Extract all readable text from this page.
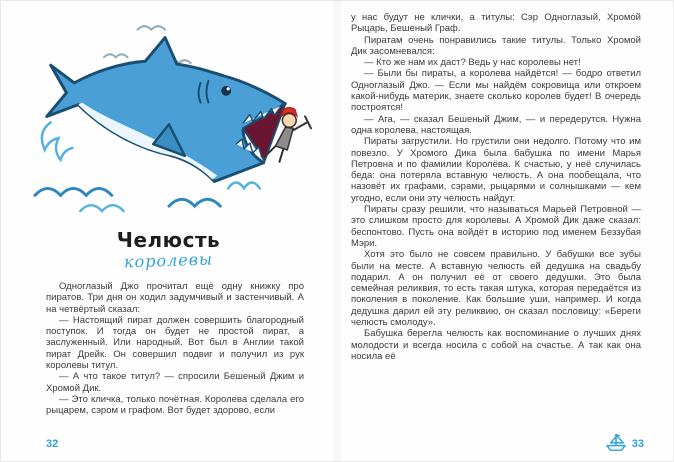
Челюсть
королевы

Одноглазый Джо прочитал ещё одну книжку про пиратов. Три дня он ходил задумчивый и застенчивый. А на четвёртый сказал:

— Настоящий пират должен совершить благородный поступок. И тогда он будет не простой пират, а заслуженный. Или народный. Вот был в Англии такой пират Дрейк. Он совершил подвиг и получил из рук королевы титул.

— А что такое титул? — спросили Бешеный Джим и Хромой Дик.

— Это кличка, только почётная. Королева сделала его рыцарем, сэром и графом. Вот будет здорово, если

32

у нас будут не клички, а титулы: Сэр Одноглазый, Хромой Рыцарь, Бешеный Граф.

Пиратам очень понравились такие титулы. Только Хромой Дик засомневался:

— Кто же нам их даст? Ведь у нас королевы нет!

— Были бы пираты, а королева найдётся! — бодро ответил Одноглазый Джо. — Если мы найдём сокровища или откроем какой-нибудь материк, знаете сколько королев будет! В очередь построятся!

— Ага, — сказал Бешеный Джим, — и передерутся. Нужна одна королева, настоящая.

Пираты загрустили. Но грустили они недолго. Потому что им повезло. У Хромого Дика была бабушка по имени Марья Петровна и по фамилии Королёва. К счастью, у неё случилась беда: она потеряла вставную челюсть. А она пообещала, что назовёт их графами, сэрами, рыцарями и солнышками — кем угодно, если они эту челюсть найдут.

Пираты сразу решили, что называться Марьей Петровной — это слишком просто для королевы. А Хромой Дик даже сказал: беспонтово. Пусть она войдёт в историю под именем Беззубая Мэри.

Хотя это было не совсем правильно. У бабушки все зубы были на месте. А вставную челюсть ей дедушка на свадьбу подарил. А он получил её от своего дедушки. Это была семейная реликвия, то есть такая штука, которая передаётся из поколения в поколение. Как большие уши, например. И когда дедушка дарил ей эту реликвию, он сказал пословицу: «Береги челюсть смолоду».

Бабушка берегла челюсть как воспоминание о лучших днях молодости и всегда носила с собой на счастье. А так как она носила её

33
